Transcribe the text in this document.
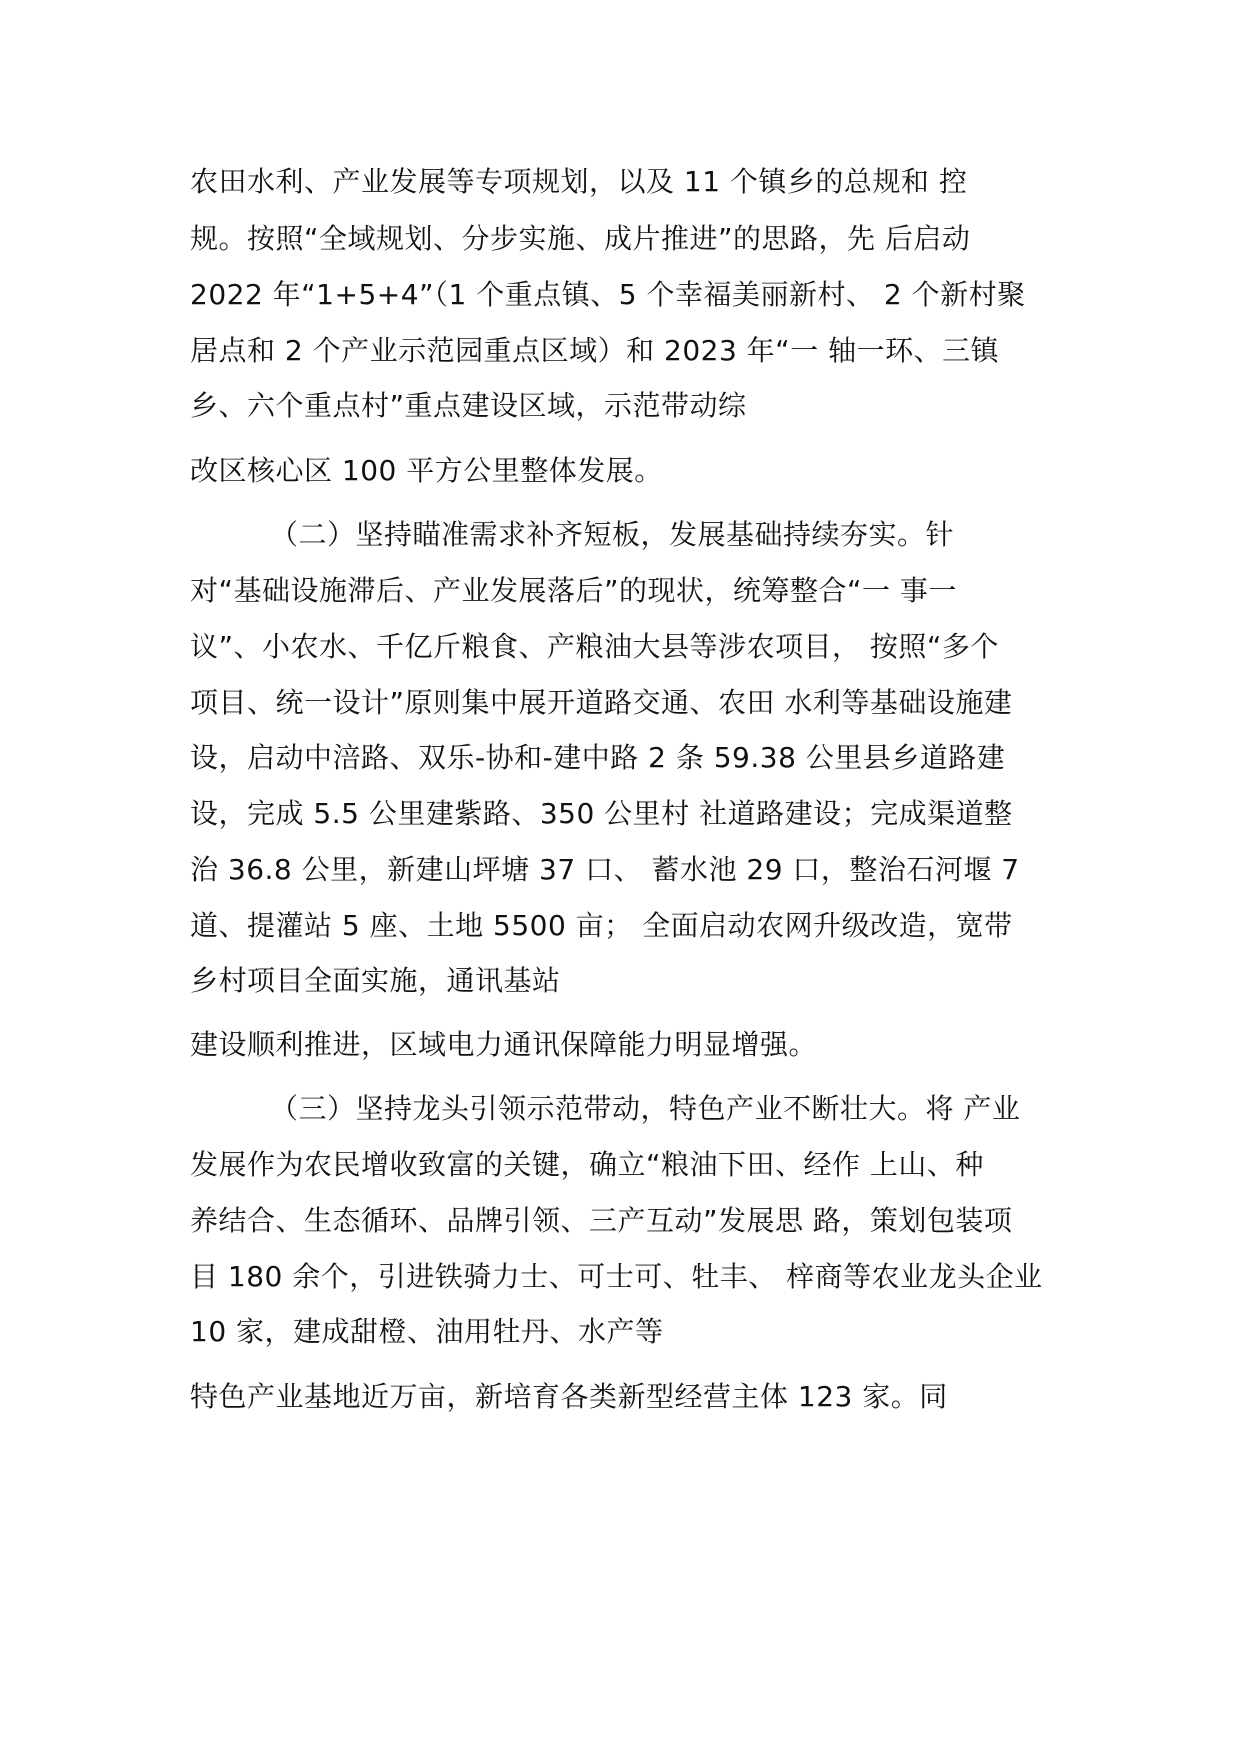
农田水利、产业发展等专项规划，以及 11 个镇乡的总规和 控
规。按照“全域规划、分步实施、成片推进”的思路，先 后启动
2022 年“1+5+4”（1 个重点镇、5 个幸福美丽新村、 2 个新村聚
居点和 2 个产业示范园重点区域）和 2023 年“一 轴一环、三镇
乡、六个重点村”重点建设区域，示范带动综
改区核心区 100 平方公里整体发展。
（二）坚持瞄准需求补齐短板，发展基础持续夯实。针
对“基础设施滞后、产业发展落后”的现状，统筹整合“一 事一
议”、小农水、千亿斤粮食、产粮油大县等涉农项目， 按照“多个
项目、统一设计”原则集中展开道路交通、农田 水利等基础设施建
设，启动中涪路、双乐-协和-建中路 2 条 59.38 公里县乡道路建
设，完成 5.5 公里建紫路、350 公里村 社道路建设；完成渠道整
治 36.8 公里，新建山坪塘 37 口、 蓄水池 29 口，整治石河堰 7
道、提灌站 5 座、土地 5500 亩； 全面启动农网升级改造，宽带
乡村项目全面实施，通讯基站
建设顺利推进，区域电力通讯保障能力明显增强。
（三）坚持龙头引领示范带动，特色产业不断壮大。将 产业
发展作为农民增收致富的关键，确立“粮油下田、经作 上山、种
养结合、生态循环、品牌引领、三产互动”发展思 路，策划包装项
目 180 余个，引进铁骑力士、可士可、牡丰、 梓商等农业龙头企业
10 家，建成甜橙、油用牡丹、水产等
特色产业基地近万亩，新培育各类新型经营主体 123 家。同
